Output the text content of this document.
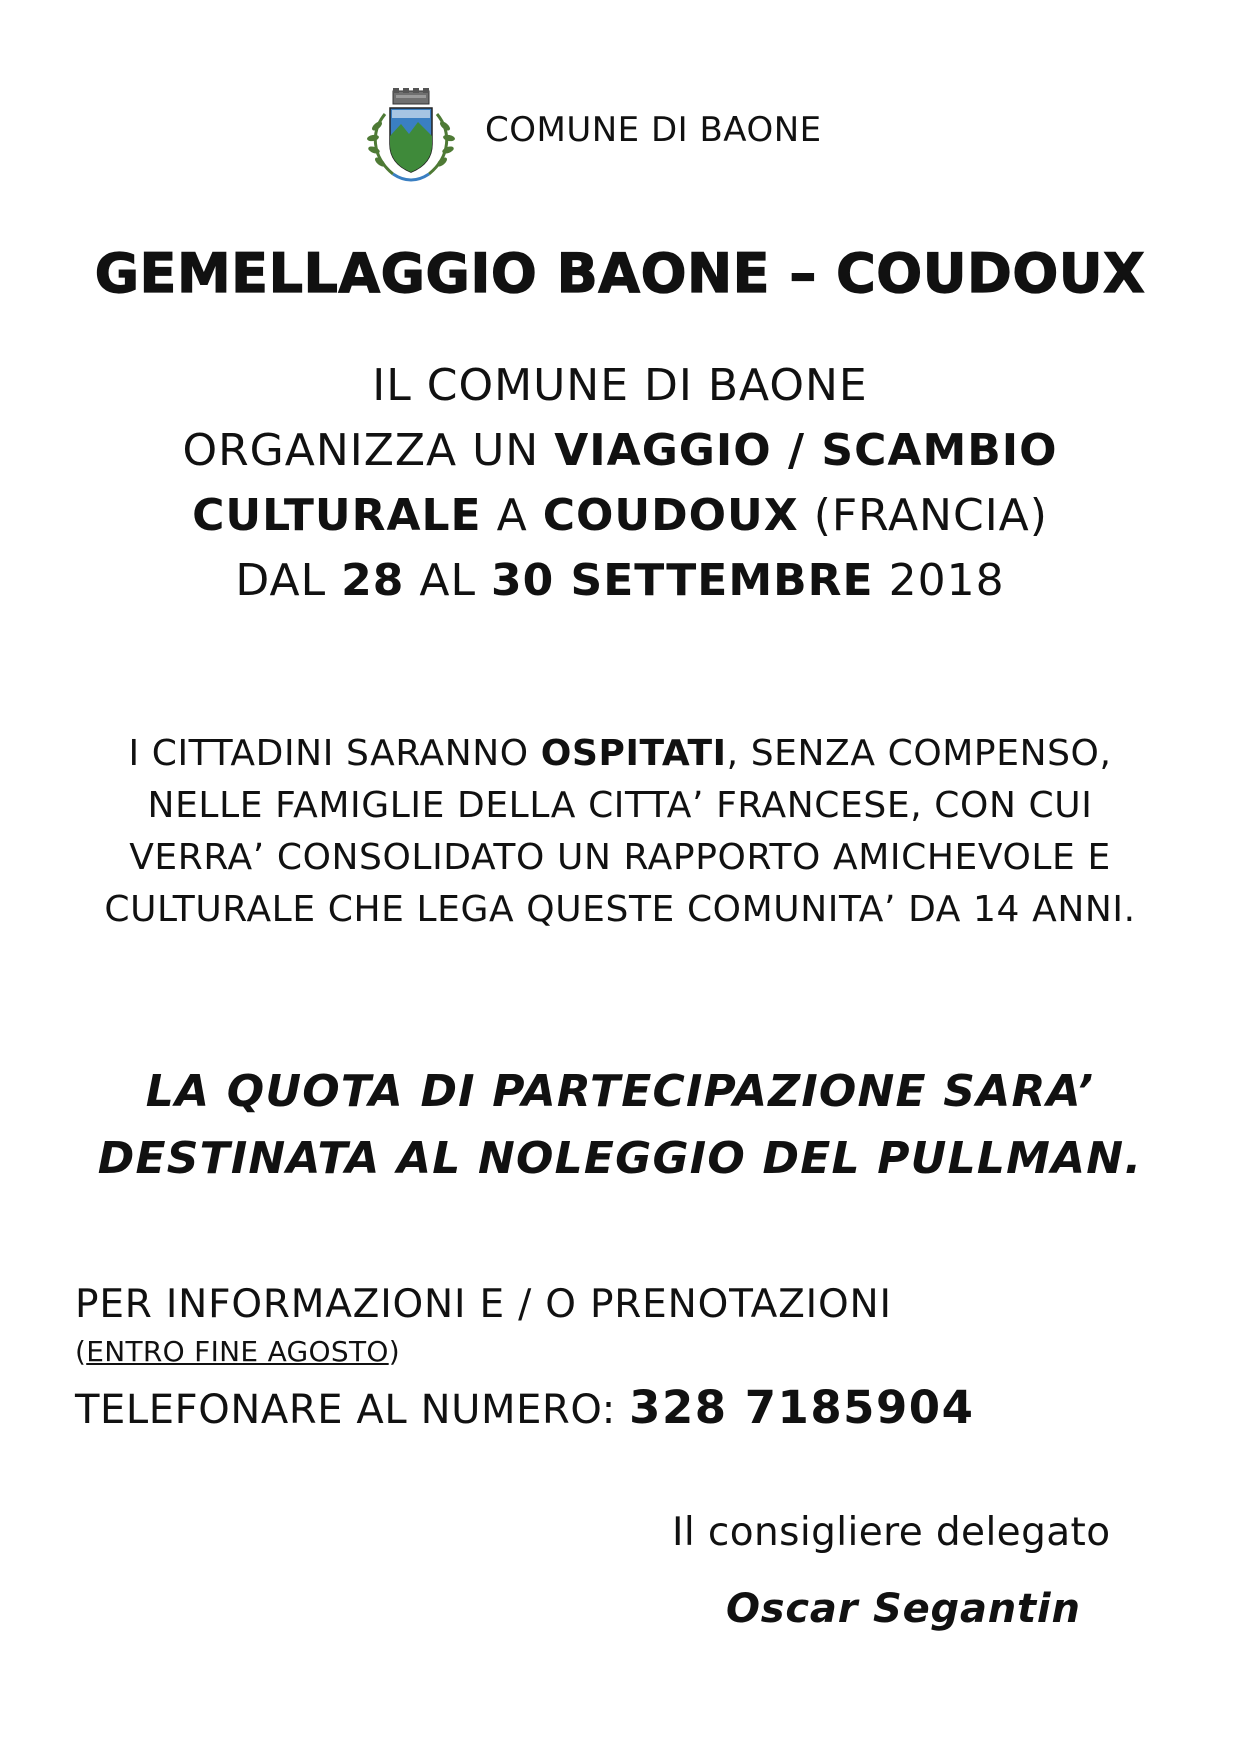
COMUNE DI BAONE
GEMELLAGGIO BAONE – COUDOUX
IL COMUNE DI BAONE
ORGANIZZA UN VIAGGIO / SCAMBIO
CULTURALE A COUDOUX (FRANCIA)
DAL 28 AL 30 SETTEMBRE 2018
I CITTADINI SARANNO OSPITATI, SENZA COMPENSO,
NELLE FAMIGLIE DELLA CITTA’ FRANCESE, CON CUI
VERRA’ CONSOLIDATO UN RAPPORTO AMICHEVOLE E
CULTURALE CHE LEGA QUESTE COMUNITA’ DA 14 ANNI.
LA QUOTA DI PARTECIPAZIONE SARA’
DESTINATA AL NOLEGGIO DEL PULLMAN.
PER INFORMAZIONI E / O PRENOTAZIONI
(ENTRO FINE AGOSTO)
TELEFONARE AL NUMERO: 328 7185904
Il consigliere delegato
Oscar Segantin
